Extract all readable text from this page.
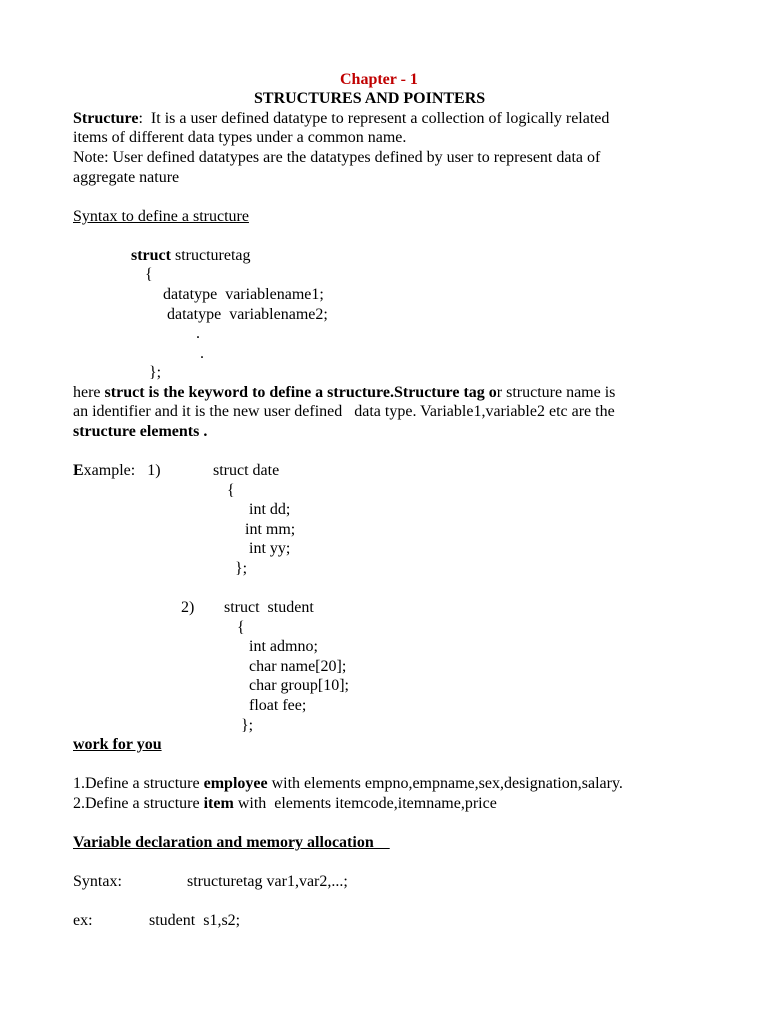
Chapter - 1
STRUCTURES AND POINTERS
Structure:  It is a user defined datatype to represent a collection of logically related
items of different data types under a common name.
Note: User defined datatypes are the datatypes defined by user to represent data of
aggregate nature
Syntax to define a structure
struct structuretag
{
datatype  variablename1;
datatype  variablename2;
.
.
};
here struct is the keyword to define a structure.Structure tag or structure name is
an identifier and it is the new user defined   data type. Variable1,variable2 etc are the
structure elements .
Example:   1)	struct date
{
int dd;
int mm;
int yy;
};
2) struct  student
{
int admno;
char name[20];
char group[10];
float fee;
};
work for you
1.Define a structure employee with elements empno,empname,sex,designation,salary.
2.Define a structure item with  elements itemcode,itemname,price
Variable declaration and memory allocation
Syntax:	structuretag var1,var2,...;
ex:	student  s1,s2;
